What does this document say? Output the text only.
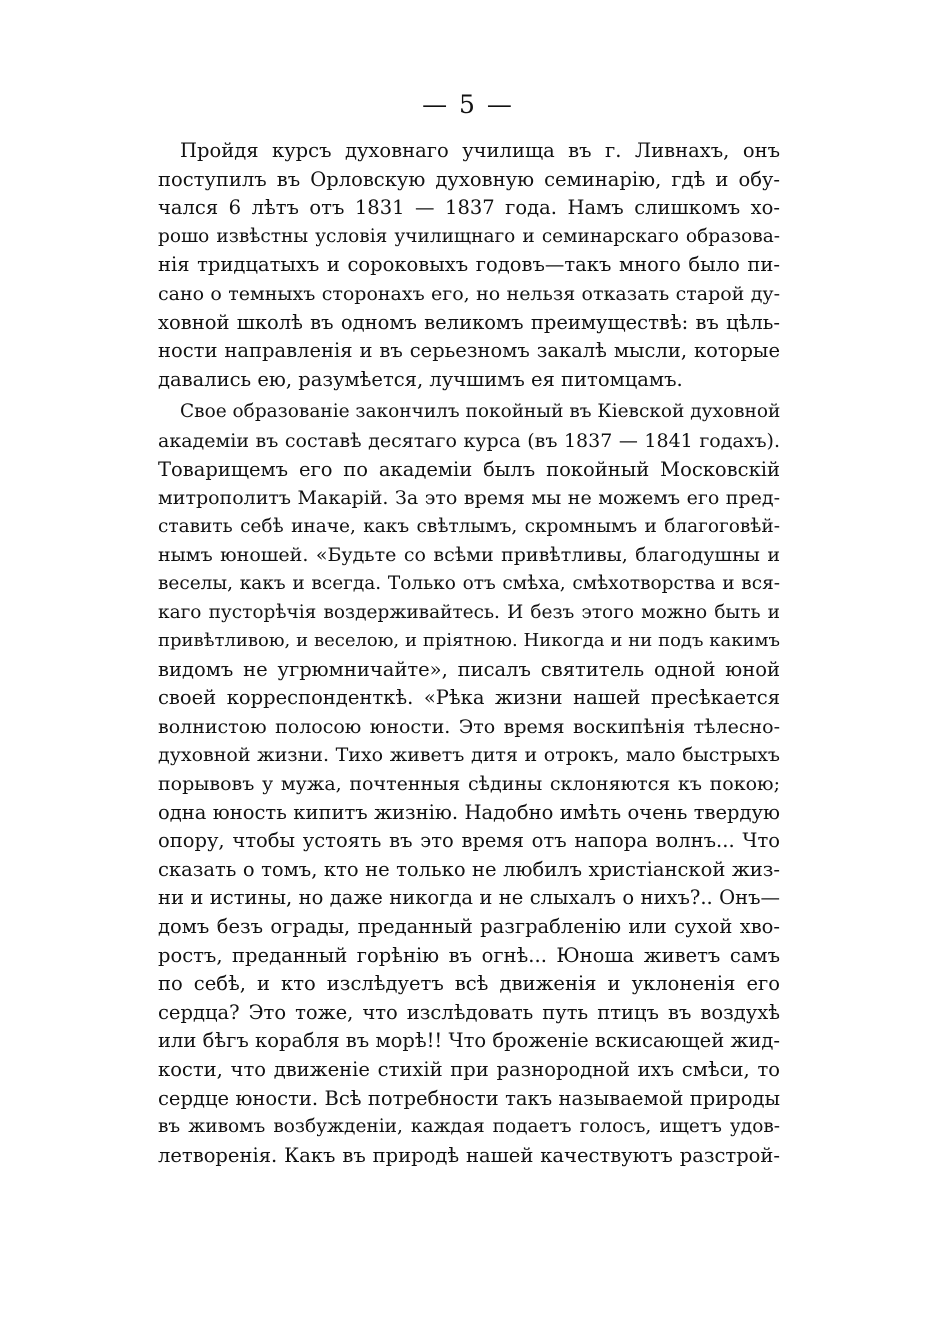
— 5 —
Пройдя курсъ духовнаго училища въ г. Ливнахъ, онъ
поступилъ въ Орловскую духовную семинарію, гдѣ и обу-
чался 6 лѣтъ отъ 1831 — 1837 года. Намъ слишкомъ хо-
рошо извѣстны условія училищнаго и семинарскаго образова-
нія тридцатыхъ и сороковыхъ годовъ—такъ много было пи-
сано о темныхъ сторонахъ его, но нельзя отказать старой ду-
ховной школѣ въ одномъ великомъ преимуществѣ: въ цѣль-
ности направленія и въ серьезномъ закалѣ мысли, которые
давались ею, разумѣется, лучшимъ ея питомцамъ.
Свое образованіе закончилъ покойный въ Кіевской духовной
академіи въ составѣ десятаго курса (въ 1837 — 1841 годахъ).
Товарищемъ его по академіи былъ покойный Московскій
митрополитъ Макарій. За это время мы не можемъ его пред-
ставить себѣ иначе, какъ свѣтлымъ, скромнымъ и благоговѣй-
нымъ юношей. «Будьте со всѣми привѣтливы, благодушны и
веселы, какъ и всегда. Только отъ смѣха, смѣхотворства и вся-
каго пусторѣчія воздерживайтесь. И безъ этого можно быть и
привѣтливою, и веселою, и пріятною. Никогда и ни подъ какимъ
видомъ не угрюмничайте», писалъ святитель одной юной
своей корреспонденткѣ. «Рѣка жизни нашей пресѣкается
волнистою полосою юности. Это время воскипѣнія тѣлесно-
духовной жизни. Тихо живетъ дитя и отрокъ, мало быстрыхъ
порывовъ у мужа, почтенныя сѣдины склоняются къ покою;
одна юность кипитъ жизнію. Надобно имѣть очень твердую
опору, чтобы устоять въ это время отъ напора волнъ... Что
сказать о томъ, кто не только не любилъ христіанской жиз-
ни и истины, но даже никогда и не слыхалъ о нихъ?.. Онъ—
домъ безъ ограды, преданный разграбленію или сухой хво-
ростъ, преданный горѣнію въ огнѣ... Юноша живетъ самъ
по себѣ, и кто изслѣдуетъ всѣ движенія и уклоненія его
сердца? Это тоже, что изслѣдовать путь птицъ въ воздухѣ
или бѣгъ корабля въ морѣ!! Что броженіе вскисающей жид-
кости, что движеніе стихій при разнородной ихъ смѣси, то
сердце юности. Всѣ потребности такъ называемой природы
въ живомъ возбужденіи, каждая подаетъ голосъ, ищетъ удов-
летворенія. Какъ въ природѣ нашей качествуютъ разстрой-
